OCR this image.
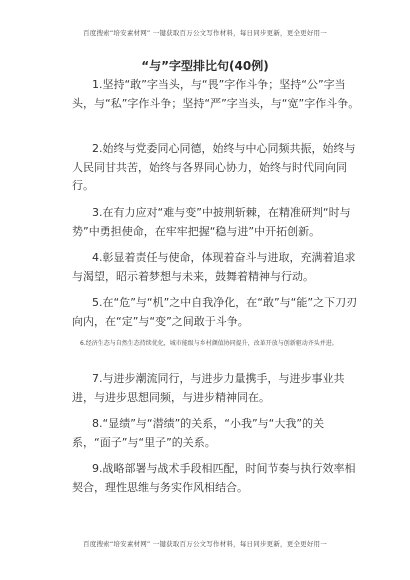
百度搜索“培安素材网” 一键获取百万公文写作材料，每日同步更新，更全更好用一
“与”字型排比句(40例)

1.坚持“敢”字当头，与“畏”字作斗争；坚持“公”字当头，与“私”字作斗争；坚持“严”字当头，与“宽”字作斗争。

2.始终与党委同心同德，始终与中心同频共振，始终与人民同甘共苦，始终与各界同心协力，始终与时代同向同行。

3.在有力应对“难与变”中披荆斩棘，在精准研判“时与势”中勇担使命，在牢牢把握“稳与进”中开拓创新。

4.彰显着责任与使命，体现着奋斗与进取，充满着追求与渴望，昭示着梦想与未来，鼓舞着精神与行动。

5.在“危”与“机”之中自我净化，在“敢”与“能”之下刀刃向内，在“定”与“变”之间敢于斗争。

6.经济生态与自然生态持续优化，城市能级与乡村颜值协同提升，改革开放与创新驱动齐头并进。

7.与进步潮流同行，与进步力量携手，与进步事业共进，与进步思想同频，与进步精神同在。

8.“显绩”与“潜绩”的关系，“小我”与“大我”的关系，“面子”与“里子”的关系。

9.战略部署与战术手段相匹配，时间节奏与执行效率相契合，理性思维与务实作风相结合。

百度搜索“培安素材网” 一键获取百万公文写作材料，每日同步更新，更全更好用一
